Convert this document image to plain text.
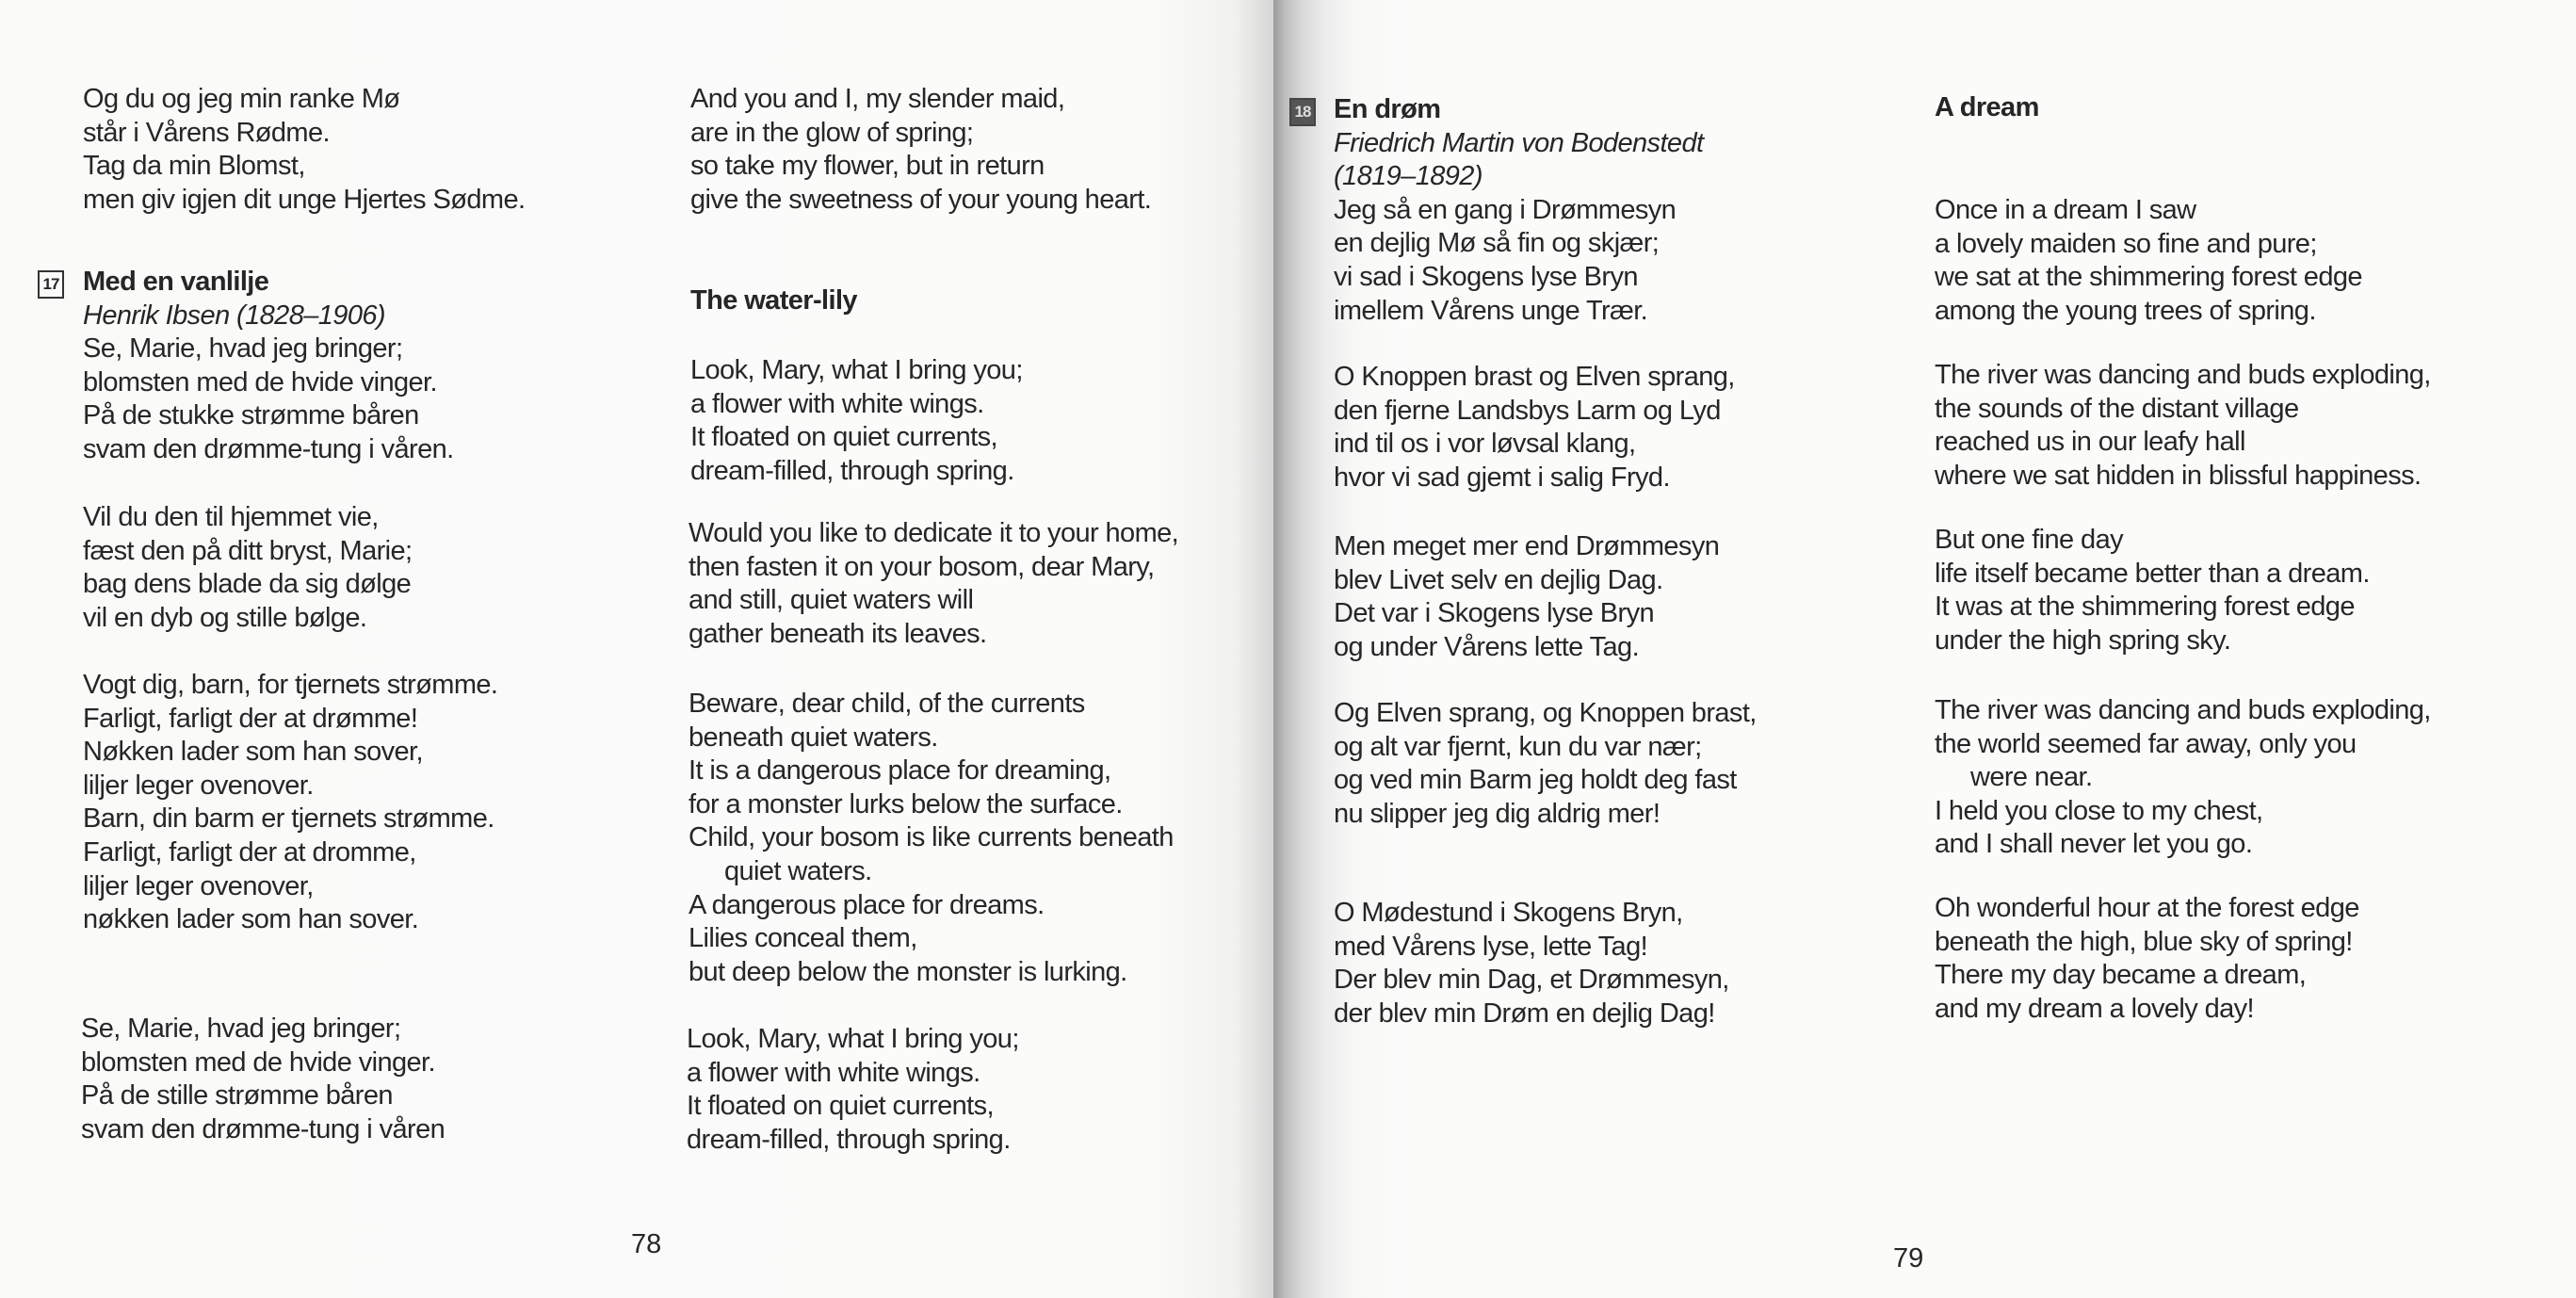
Og du og jeg min ranke Mø
står i Vårens Rødme.
Tag da min Blomst,
men giv igjen dit unge Hjertes Sødme.
17 Med en vanlilje
Henrik Ibsen (1828–1906)
Se, Marie, hvad jeg bringer;
blomsten med de hvide vinger.
På de stukke strømme båren
svam den drømme-tung i våren.
Vil du den til hjemmet vie,
fæst den på ditt bryst, Marie;
bag dens blade da sig dølge
vil en dyb og stille bølge.
Vogt dig, barn, for tjernets strømme.
Farligt, farligt der at drømme!
Nøkken lader som han sover,
liljer leger ovenover.
Barn, din barm er tjernets strømme.
Farligt, farligt der at dromme,
liljer leger ovenover,
nøkken lader som han sover.
Se, Marie, hvad jeg bringer;
blomsten med de hvide vinger.
På de stille strømme båren
svam den drømme-tung i våren
And you and I, my slender maid,
are in the glow of spring;
so take my flower, but in return
give the sweetness of your young heart.
The water-lily
Look, Mary, what I bring you;
a flower with white wings.
It floated on quiet currents,
dream-filled, through spring.
Would you like to dedicate it to your home,
then fasten it on your bosom, dear Mary,
and still, quiet waters will
gather beneath its leaves.
Beware, dear child, of the currents
beneath quiet waters.
It is a dangerous place for dreaming,
for a monster lurks below the surface.
Child, your bosom is like currents beneath
quiet waters.
A dangerous place for dreams.
Lilies conceal them,
but deep below the monster is lurking.
Look, Mary, what I bring you;
a flower with white wings.
It floated on quiet currents,
dream-filled, through spring.
78
18 En drøm
Friedrich Martin von Bodenstedt
(1819–1892)
Jeg så en gang i Drømmesyn
en dejlig Mø så fin og skjær;
vi sad i Skogens lyse Bryn
imellem Vårens unge Trær.
O Knoppen brast og Elven sprang,
den fjerne Landsbys Larm og Lyd
ind til os i vor løvsal klang,
hvor vi sad gjemt i salig Fryd.
Men meget mer end Drømmesyn
blev Livet selv en dejlig Dag.
Det var i Skogens lyse Bryn
og under Vårens lette Tag.
Og Elven sprang, og Knoppen brast,
og alt var fjernt, kun du var nær;
og ved min Barm jeg holdt deg fast
nu slipper jeg dig aldrig mer!
O Mødestund i Skogens Bryn,
med Vårens lyse, lette Tag!
Der blev min Dag, et Drømmesyn,
der blev min Drøm en dejlig Dag!
A dream
Once in a dream I saw
a lovely maiden so fine and pure;
we sat at the shimmering forest edge
among the young trees of spring.
The river was dancing and buds exploding,
the sounds of the distant village
reached us in our leafy hall
where we sat hidden in blissful happiness.
But one fine day
life itself became better than a dream.
It was at the shimmering forest edge
under the high spring sky.
The river was dancing and buds exploding,
the world seemed far away, only you
were near.
I held you close to my chest,
and I shall never let you go.
Oh wonderful hour at the forest edge
beneath the high, blue sky of spring!
There my day became a dream,
and my dream a lovely day!
79
